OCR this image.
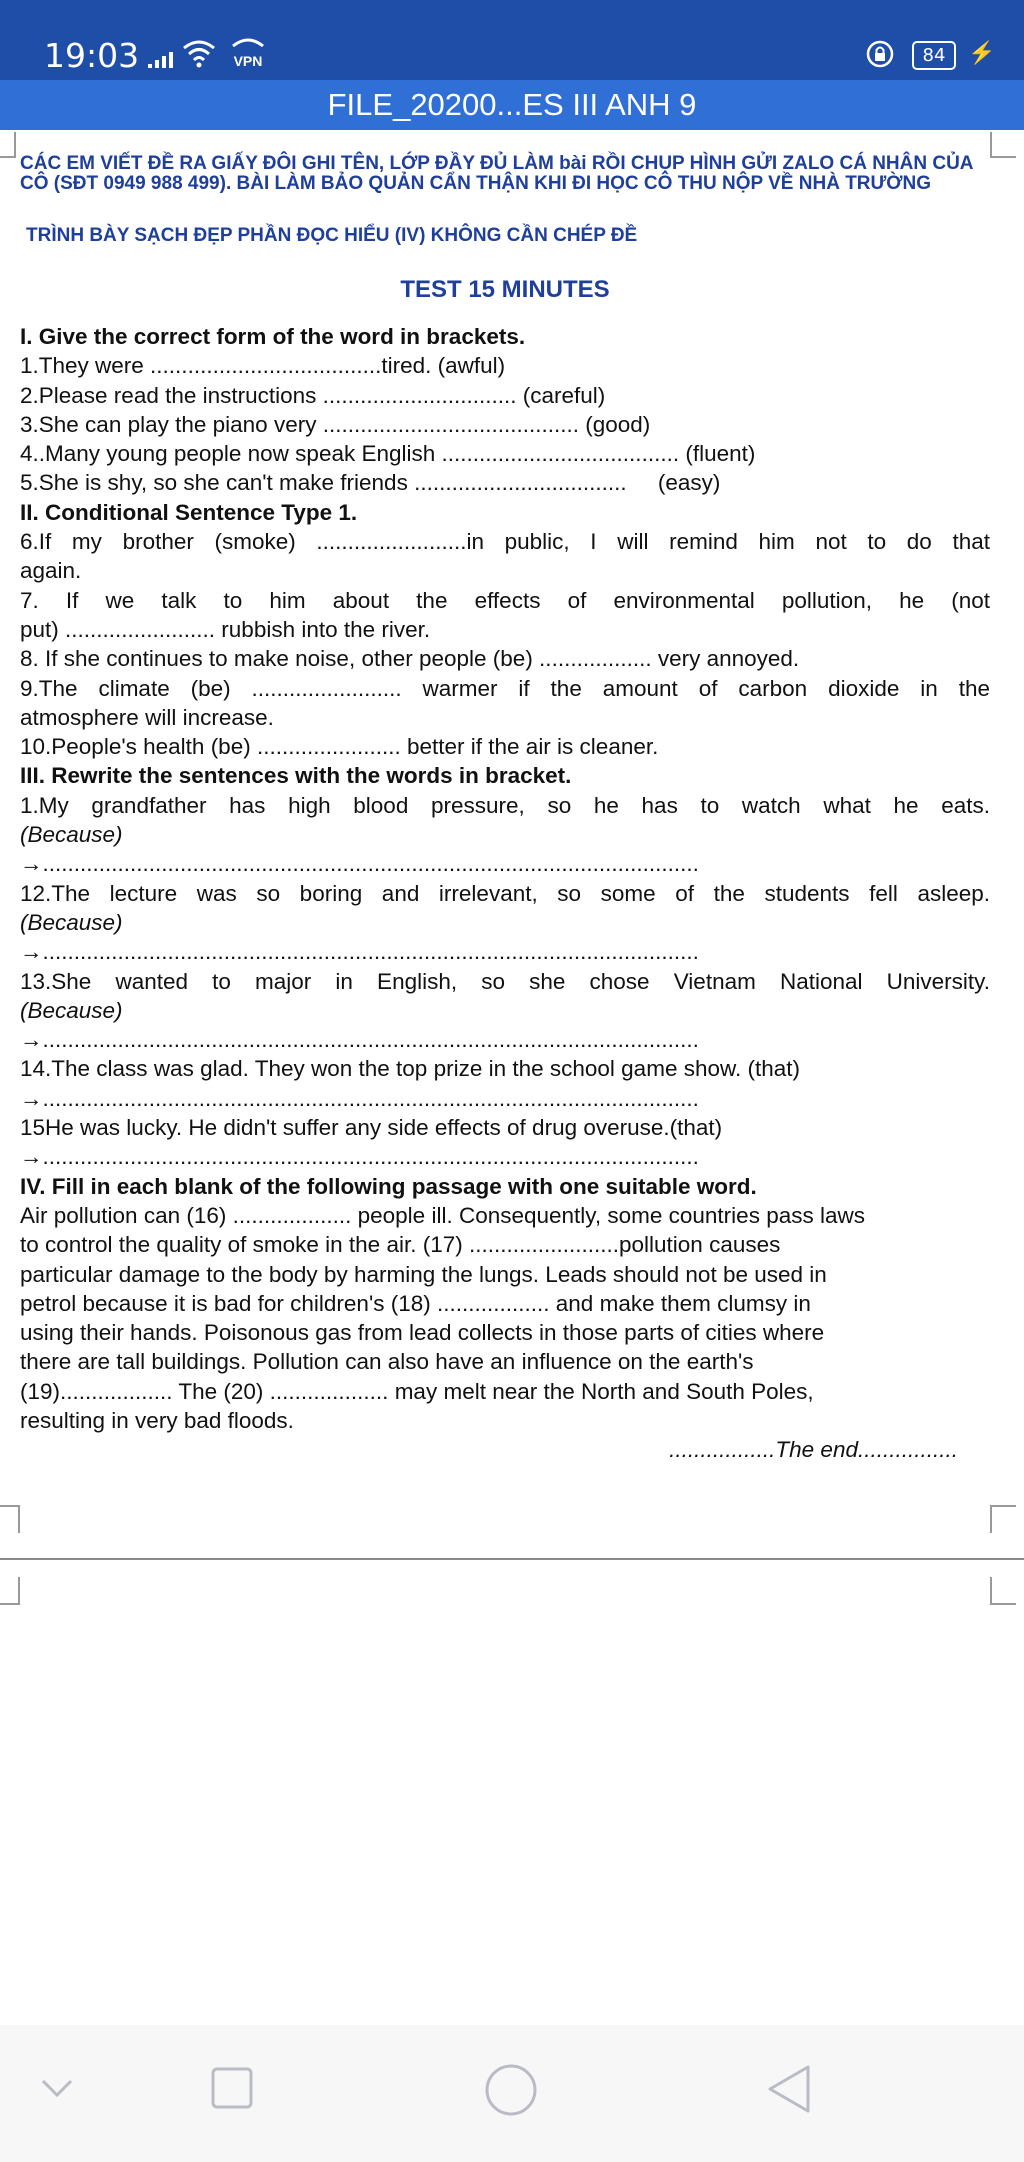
19:03	VPN	84	⚡
FILE_20200...ES III ANH 9
CÁC EM VIẾT ĐỀ RA GIẤY ĐÔI GHI TÊN, LỚP ĐẦY ĐỦ LÀM bài RỒI CHỤP HÌNH GỬI ZALO CÁ NHÂN CỦA
CÔ (SĐT 0949 988 499). BÀI LÀM BẢO QUẢN CẨN THẬN KHI ĐI HỌC CÔ THU NỘP VỀ NHÀ TRƯỜNG
TRÌNH BÀY SẠCH ĐẸP PHẦN ĐỌC HIỂU (IV) KHÔNG CẦN CHÉP ĐỀ
TEST 15 MINUTES

I. Give the correct form of the word in brackets.

1.They were .....................................tired. (awful)

2.Please read the instructions ............................... (careful)

3.She can play the piano very ......................................... (good)

4..Many young people now speak English ...................................... (fluent)

5.She is shy, so she can't make friends ..................................     (easy)

II. Conditional Sentence Type 1.

6.If my brother (smoke) ........................in public, I will remind him not to do that

again.

7. If we talk to him about the effects of environmental pollution, he (not

put) ........................ rubbish into the river.

8. If she continues to make noise, other people (be) .................. very annoyed.

9.The climate (be) ........................ warmer if the amount of carbon dioxide in the

atmosphere will increase.

10.People's health (be) ....................... better if the air is cleaner.

III. Rewrite the sentences with the words in bracket.

1.My grandfather has high blood pressure, so he has to watch what he eats.

(Because)

→.........................................................................................................

12.The lecture was so boring and irrelevant, so some of the students fell asleep.

(Because)

→.........................................................................................................

13.She wanted to major in English, so she chose Vietnam National University.

(Because)

→.........................................................................................................

14.The class was glad. They won the top prize in the school game show. (that)

→.........................................................................................................

15He was lucky. He didn't suffer any side effects of drug overuse.(that)

→.........................................................................................................

IV. Fill in each blank of the following passage with one suitable word.

Air pollution can (16) ................... people ill. Consequently, some countries pass laws

to control the quality of smoke in the air. (17) ........................pollution causes

particular damage to the body by harming the lungs. Leads should not be used in

petrol because it is bad for children's (18) .................. and make them clumsy in

using their hands. Poisonous gas from lead collects in those parts of cities where

there are tall buildings. Pollution can also have an influence on the earth's

(19).................. The (20) ................... may melt near the North and South Poles,

resulting in very bad floods.

.................The end................
